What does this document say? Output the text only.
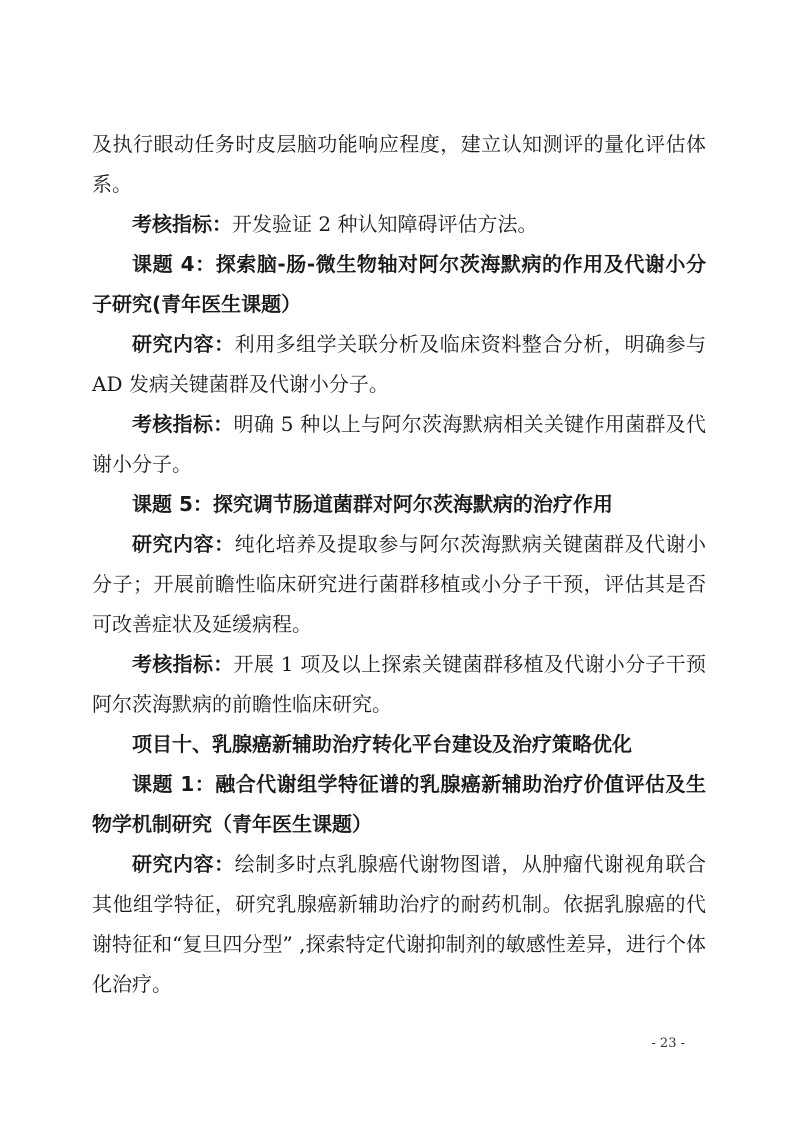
及执行眼动任务时皮层脑功能响应程度，建立认知测评的量化评估体系。

考核指标：开发验证 2 种认知障碍评估方法。

课题 4：探索脑-肠-微生物轴对阿尔茨海默病的作用及代谢小分子研究(青年医生课题）

研究内容：利用多组学关联分析及临床资料整合分析，明确参与 AD 发病关键菌群及代谢小分子。

考核指标：明确 5 种以上与阿尔茨海默病相关关键作用菌群及代谢小分子。

课题 5：探究调节肠道菌群对阿尔茨海默病的治疗作用

研究内容：纯化培养及提取参与阿尔茨海默病关键菌群及代谢小分子；开展前瞻性临床研究进行菌群移植或小分子干预，评估其是否可改善症状及延缓病程。

考核指标：开展 1 项及以上探索关键菌群移植及代谢小分子干预阿尔茨海默病的前瞻性临床研究。

项目十、乳腺癌新辅助治疗转化平台建设及治疗策略优化

课题 1：融合代谢组学特征谱的乳腺癌新辅助治疗价值评估及生物学机制研究（青年医生课题）

研究内容：绘制多时点乳腺癌代谢物图谱，从肿瘤代谢视角联合其他组学特征，研究乳腺癌新辅助治疗的耐药机制。依据乳腺癌的代谢特征和“复旦四分型” ,探索特定代谢抑制剂的敏感性差异，进行个体化治疗。

- 23 -
